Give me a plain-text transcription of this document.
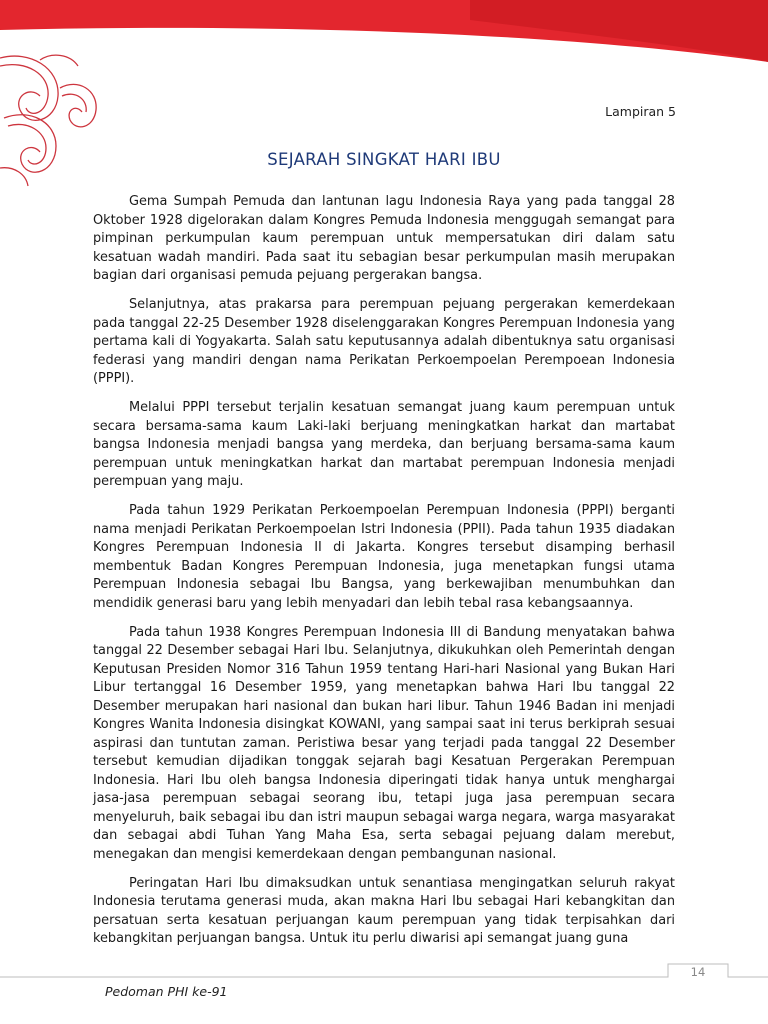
Lampiran 5
SEJARAH SINGKAT HARI IBU

Gema Sumpah Pemuda dan lantunan lagu Indonesia Raya yang pada tanggal 28 Oktober 1928 digelorakan dalam Kongres Pemuda Indonesia menggugah semangat para pimpinan perkumpulan kaum perempuan untuk mempersatukan diri dalam satu kesatuan wadah mandiri. Pada saat itu sebagian besar perkumpulan masih merupakan bagian dari organisasi pemuda pejuang pergerakan bangsa.

Selanjutnya, atas prakarsa para perempuan pejuang pergerakan kemerdekaan pada tanggal 22-25 Desember 1928 diselenggarakan Kongres Perempuan Indonesia yang pertama kali di Yogyakarta. Salah satu keputusannya adalah dibentuknya satu organisasi federasi yang mandiri dengan nama Perikatan Perkoempoelan Perempoean Indonesia (PPPI).

Melalui PPPI tersebut terjalin kesatuan semangat juang kaum perempuan untuk secara bersama-sama kaum Laki-laki berjuang meningkatkan harkat dan martabat bangsa Indonesia menjadi bangsa yang merdeka, dan berjuang bersama-sama kaum perempuan untuk meningkatkan harkat dan martabat perempuan Indonesia menjadi perempuan yang maju.

Pada tahun 1929 Perikatan Perkoempoelan Perempuan Indonesia (PPPI) berganti nama menjadi Perikatan Perkoempoelan Istri Indonesia (PPII). Pada tahun 1935 diadakan Kongres Perempuan Indonesia II di Jakarta. Kongres tersebut disamping berhasil membentuk Badan Kongres Perempuan Indonesia, juga menetapkan fungsi utama Perempuan Indonesia sebagai Ibu Bangsa, yang berkewajiban menumbuhkan dan mendidik generasi baru yang lebih menyadari dan lebih tebal rasa kebangsaannya.

Pada tahun 1938 Kongres Perempuan Indonesia III di Bandung menyatakan bahwa tanggal 22 Desember sebagai Hari Ibu. Selanjutnya, dikukuhkan oleh Pemerintah dengan Keputusan Presiden Nomor 316 Tahun 1959 tentang Hari-hari Nasional yang Bukan Hari Libur tertanggal 16 Desember 1959, yang menetapkan bahwa Hari Ibu tanggal 22 Desember merupakan hari nasional dan bukan hari libur. Tahun 1946 Badan ini menjadi Kongres Wanita Indonesia disingkat KOWANI, yang sampai saat ini terus berkiprah sesuai aspirasi dan tuntutan zaman. Peristiwa besar yang terjadi pada tanggal 22 Desember tersebut kemudian dijadikan tonggak sejarah bagi Kesatuan Pergerakan Perempuan Indonesia. Hari Ibu oleh bangsa Indonesia diperingati tidak hanya untuk menghargai jasa-jasa perempuan sebagai seorang ibu, tetapi juga jasa perempuan secara menyeluruh, baik sebagai ibu dan istri maupun sebagai warga negara, warga masyarakat dan sebagai abdi Tuhan Yang Maha Esa, serta sebagai pejuang dalam merebut, menegakan dan mengisi kemerdekaan dengan pembangunan nasional.

Peringatan Hari Ibu dimaksudkan untuk senantiasa mengingatkan seluruh rakyat Indonesia terutama generasi muda, akan makna Hari Ibu sebagai Hari kebangkitan dan persatuan serta kesatuan perjuangan kaum perempuan yang tidak terpisahkan dari kebangkitan perjuangan bangsa. Untuk itu perlu diwarisi api semangat juang guna

14
Pedoman PHI ke-91
